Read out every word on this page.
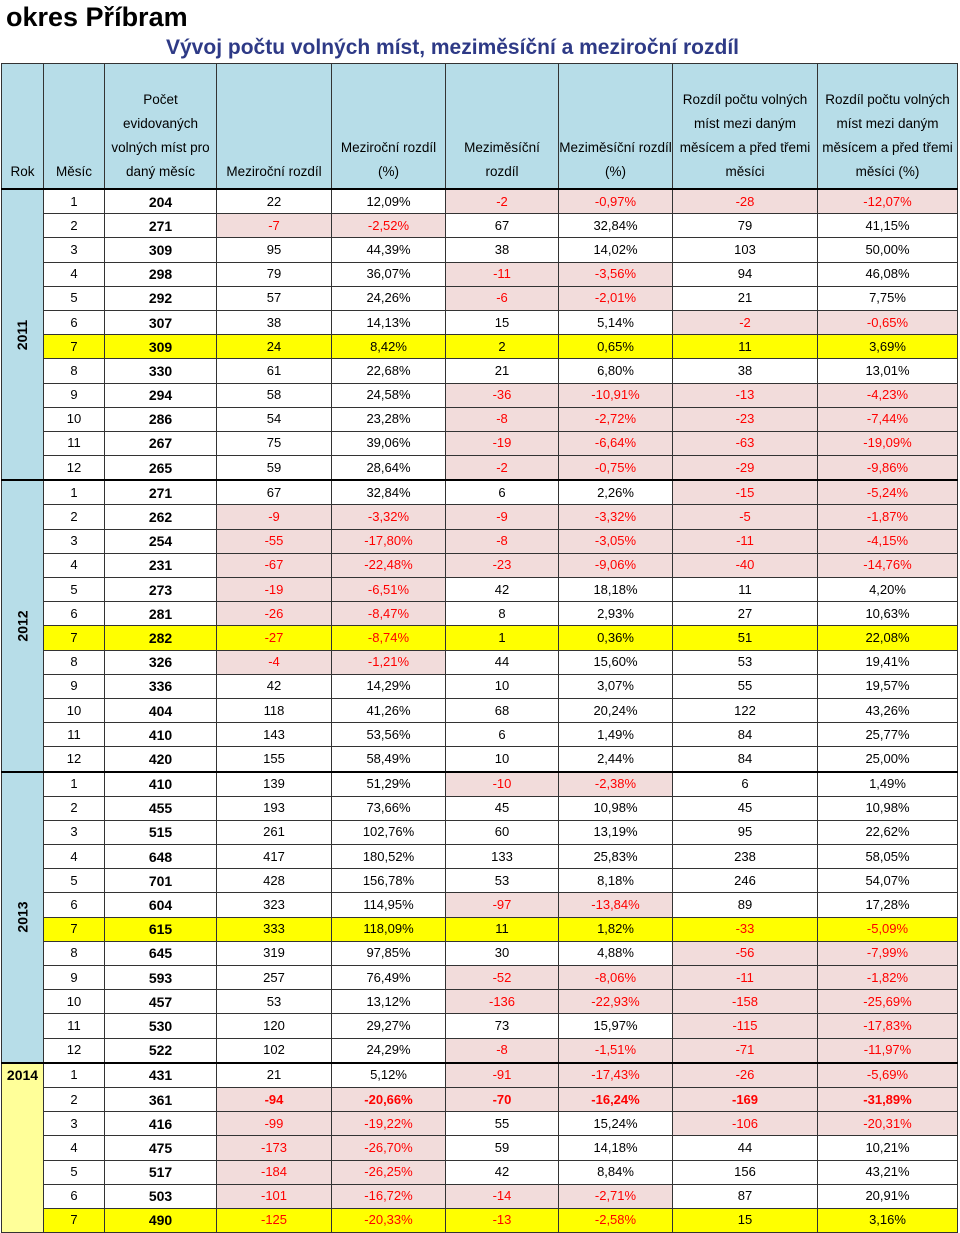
okres Příbram
Vývoj počtu volných míst, meziměsíční a meziroční rozdíl
Rok	Měsíc	Počet evidovaných volných míst pro daný měsíc	Meziroční rozdíl	Meziroční rozdíl (%)	Meziměsíční rozdíl	Meziměsíční rozdíl (%)	Rozdíl počtu volných míst mezi daným měsícem a před třemi měsíci	Rozdíl počtu volných míst mezi daným měsícem a před třemi měsíci (%)
2011	1	204	22	12,09%	-2	-0,97%	-28	-12,07%
	2	271	-7	-2,52%	67	32,84%	79	41,15%
	3	309	95	44,39%	38	14,02%	103	50,00%
	4	298	79	36,07%	-11	-3,56%	94	46,08%
	5	292	57	24,26%	-6	-2,01%	21	7,75%
	6	307	38	14,13%	15	5,14%	-2	-0,65%
	7	309	24	8,42%	2	0,65%	11	3,69%
	8	330	61	22,68%	21	6,80%	38	13,01%
	9	294	58	24,58%	-36	-10,91%	-13	-4,23%
	10	286	54	23,28%	-8	-2,72%	-23	-7,44%
	11	267	75	39,06%	-19	-6,64%	-63	-19,09%
	12	265	59	28,64%	-2	-0,75%	-29	-9,86%
2012	1	271	67	32,84%	6	2,26%	-15	-5,24%
	2	262	-9	-3,32%	-9	-3,32%	-5	-1,87%
	3	254	-55	-17,80%	-8	-3,05%	-11	-4,15%
	4	231	-67	-22,48%	-23	-9,06%	-40	-14,76%
	5	273	-19	-6,51%	42	18,18%	11	4,20%
	6	281	-26	-8,47%	8	2,93%	27	10,63%
	7	282	-27	-8,74%	1	0,36%	51	22,08%
	8	326	-4	-1,21%	44	15,60%	53	19,41%
	9	336	42	14,29%	10	3,07%	55	19,57%
	10	404	118	41,26%	68	20,24%	122	43,26%
	11	410	143	53,56%	6	1,49%	84	25,77%
	12	420	155	58,49%	10	2,44%	84	25,00%
2013	1	410	139	51,29%	-10	-2,38%	6	1,49%
	2	455	193	73,66%	45	10,98%	45	10,98%
	3	515	261	102,76%	60	13,19%	95	22,62%
	4	648	417	180,52%	133	25,83%	238	58,05%
	5	701	428	156,78%	53	8,18%	246	54,07%
	6	604	323	114,95%	-97	-13,84%	89	17,28%
	7	615	333	118,09%	11	1,82%	-33	-5,09%
	8	645	319	97,85%	30	4,88%	-56	-7,99%
	9	593	257	76,49%	-52	-8,06%	-11	-1,82%
	10	457	53	13,12%	-136	-22,93%	-158	-25,69%
	11	530	120	29,27%	73	15,97%	-115	-17,83%
	12	522	102	24,29%	-8	-1,51%	-71	-11,97%
2014	1	431	21	5,12%	-91	-17,43%	-26	-5,69%
	2	361	-94	-20,66%	-70	-16,24%	-169	-31,89%
	3	416	-99	-19,22%	55	15,24%	-106	-20,31%
	4	475	-173	-26,70%	59	14,18%	44	10,21%
	5	517	-184	-26,25%	42	8,84%	156	43,21%
	6	503	-101	-16,72%	-14	-2,71%	87	20,91%
	7	490	-125	-20,33%	-13	-2,58%	15	3,16%
